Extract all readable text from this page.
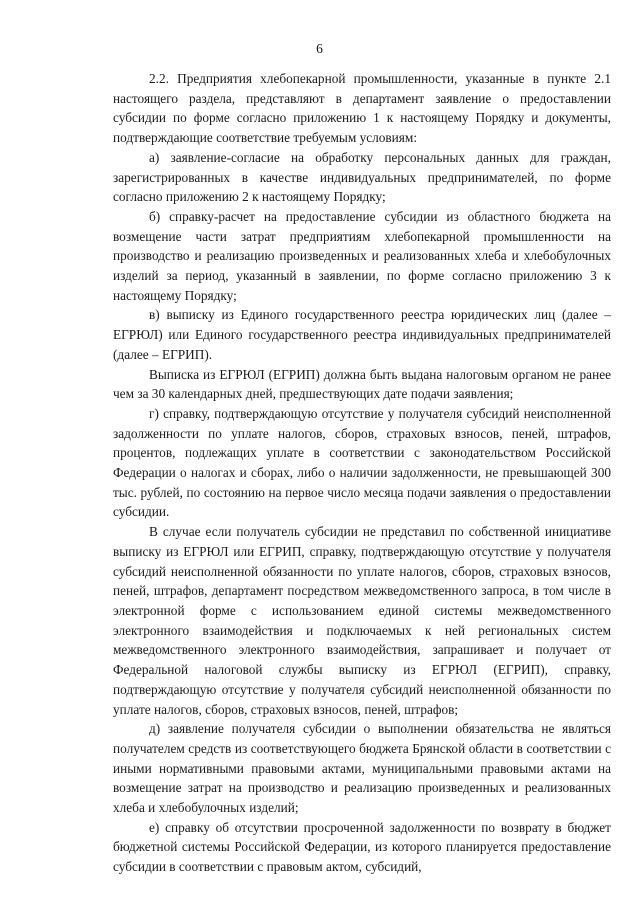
6

2.2. Предприятия хлебопекарной промышленности, указанные в пункте 2.1 настоящего раздела, представляют в департамент заявление о предоставлении субсидии по форме согласно приложению 1 к настоящему Порядку и документы, подтверждающие соответствие требуемым условиям:

а) заявление-согласие на обработку персональных данных для граждан, зарегистрированных в качестве индивидуальных предпринимателей, по форме согласно приложению 2 к настоящему Порядку;

б) справку-расчет на предоставление субсидии из областного бюджета на возмещение части затрат предприятиям хлебопекарной промышленности на производство и реализацию произведенных и реализованных хлеба и хлебобулочных изделий за период, указанный в заявлении, по форме согласно приложению 3 к настоящему Порядку;

в) выписку из Единого государственного реестра юридических лиц (далее – ЕГРЮЛ) или Единого государственного реестра индивидуальных предпринимателей (далее – ЕГРИП).

Выписка из ЕГРЮЛ (ЕГРИП) должна быть выдана налоговым органом не ранее чем за 30 календарных дней, предшествующих дате подачи заявления;

г) справку, подтверждающую отсутствие у получателя субсидий неисполненной задолженности по уплате налогов, сборов, страховых взносов, пеней, штрафов, процентов, подлежащих уплате в соответствии с законодательством Российской Федерации о налогах и сборах, либо о наличии задолженности, не превышающей 300 тыс. рублей, по состоянию на первое число месяца подачи заявления о предоставлении субсидии.

В случае если получатель субсидии не представил по собственной инициативе выписку из ЕГРЮЛ или ЕГРИП, справку, подтверждающую отсутствие у получателя субсидий неисполненной обязанности по уплате налогов, сборов, страховых взносов, пеней, штрафов, департамент посредством межведомственного запроса, в том числе в электронной форме с использованием единой системы межведомственного электронного взаимодействия и подключаемых к ней региональных систем межведомственного электронного взаимодействия, запрашивает и получает от Федеральной налоговой службы выписку из ЕГРЮЛ (ЕГРИП), справку, подтверждающую отсутствие у получателя субсидий неисполненной обязанности по уплате налогов, сборов, страховых взносов, пеней, штрафов;

д) заявление получателя субсидии о выполнении обязательства не являться получателем средств из соответствующего бюджета Брянской области в соответствии с иными нормативными правовыми актами, муниципальными правовыми актами на возмещение затрат на производство и реализацию произведенных и реализованных хлеба и хлебобулочных изделий;

е) справку об отсутствии просроченной задолженности по возврату в бюджет бюджетной системы Российской Федерации, из которого планируется предоставление субсидии в соответствии с правовым актом, субсидий,
